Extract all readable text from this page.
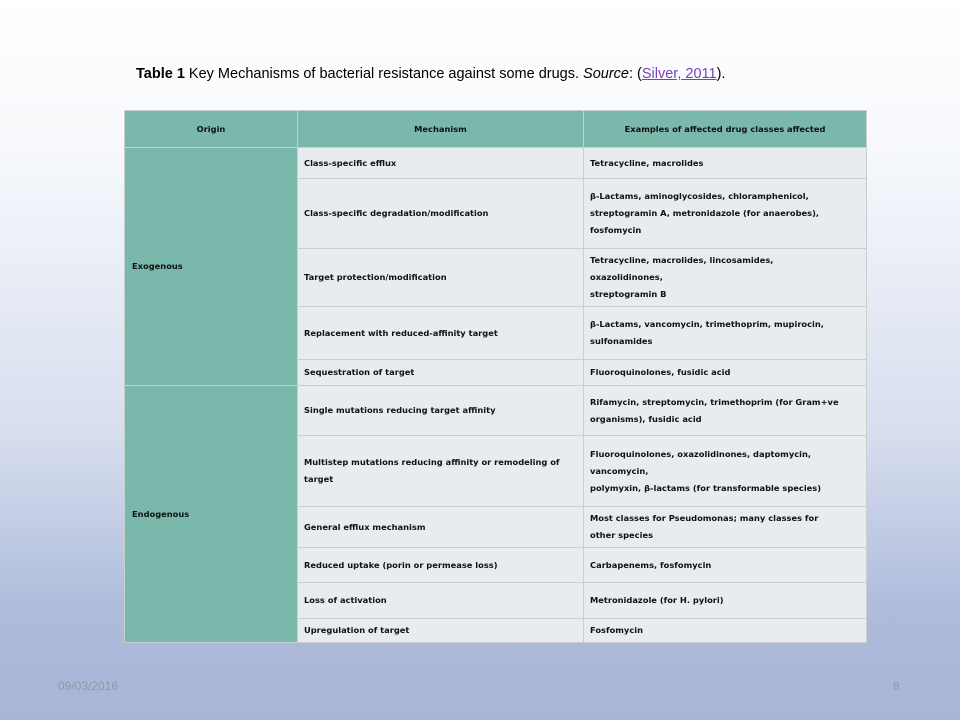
Table 1 Key Mechanisms of bacterial resistance against some drugs. Source: (Silver, 2011).
Origin	Mechanism	Examples of affected drug classes affected
Exogenous	Class-specific efflux	Tetracycline, macrolides

	Class-specific degradation/modification	β-Lactams, aminoglycosides, chloramphenicol,
streptogramin A, metronidazole (for anaerobes),
fosfomycin

	Target protection/modification	Tetracycline, macrolides, lincosamides,
oxazolidinones,
streptogramin B

	Replacement with reduced-affinity target	β-Lactams, vancomycin, trimethoprim, mupirocin,
sulfonamides

	Sequestration of target	Fluoroquinolones, fusidic acid

Endogenous	Single mutations reducing target affinity	Rifamycin, streptomycin, trimethoprim (for Gram+ve
organisms), fusidic acid

	Multistep mutations reducing affinity or remodeling of target	Fluoroquinolones, oxazolidinones, daptomycin,
vancomycin,
polymyxin, β-lactams (for transformable species)

	General efflux mechanism	Most classes for Pseudomonas; many classes for
other species

	Reduced uptake (porin or permease loss)	Carbapenems, fosfomycin

	Loss of activation	Metronidazole (for H. pylori)

	Upregulation of target	Fosfomycin
09/03/2016	8
